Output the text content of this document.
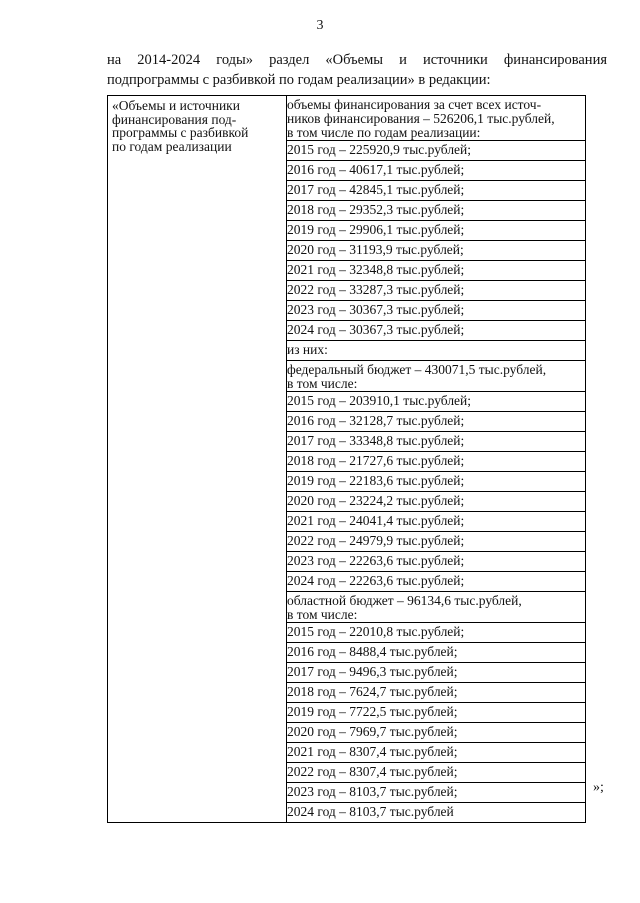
3
на 2014-2024 годы» раздел «Объемы и источники финансирования подпрограммы с разбивкой по годам реализации» в редакции:
«Объемы и источники
финансирования под-
программы с разбивкой
по годам реализации

объемы финансирования за счет всех источ-
ников финансирования – 526206,1 тыс.рублей,
в том числе по годам реализации:
2015 год – 225920,9 тыс.рублей;
2016 год – 40617,1 тыс.рублей;
2017 год – 42845,1 тыс.рублей;
2018 год – 29352,3 тыс.рублей;
2019 год – 29906,1 тыс.рублей;
2020 год – 31193,9 тыс.рублей;
2021 год – 32348,8 тыс.рублей;
2022 год – 33287,3 тыс.рублей;
2023 год – 30367,3 тыс.рублей;
2024 год – 30367,3 тыс.рублей;
из них:
федеральный бюджет – 430071,5 тыс.рублей,
в том числе:
2015 год – 203910,1 тыс.рублей;
2016 год – 32128,7 тыс.рублей;
2017 год – 33348,8 тыс.рублей;
2018 год – 21727,6 тыс.рублей;
2019 год – 22183,6 тыс.рублей;
2020 год – 23224,2 тыс.рублей;
2021 год – 24041,4 тыс.рублей;
2022 год – 24979,9 тыс.рублей;
2023 год – 22263,6 тыс.рублей;
2024 год – 22263,6 тыс.рублей;
областной бюджет – 96134,6 тыс.рублей,
в том числе:
2015 год – 22010,8 тыс.рублей;
2016 год – 8488,4 тыс.рублей;
2017 год – 9496,3 тыс.рублей;
2018 год – 7624,7 тыс.рублей;
2019 год – 7722,5 тыс.рублей;
2020 год – 7969,7 тыс.рублей;
2021 год – 8307,4 тыс.рублей;
2022 год – 8307,4 тыс.рублей;
2023 год – 8103,7 тыс.рублей;
2024 год – 8103,7 тыс.рублей
»;
